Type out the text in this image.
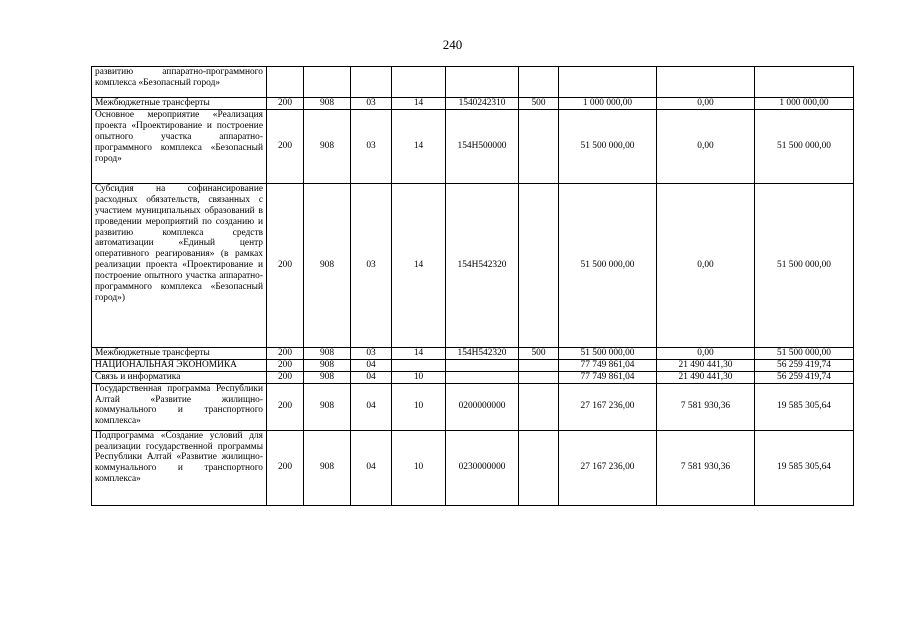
240
развитию аппаратно-программного комплекса «Безопасный город»									
Межбюджетные трансферты	200	908	03	14	1540242310	500	1 000 000,00	0,00	1 000 000,00
Основное мероприятие «Реализация проекта «Проектирование и построение опытного участка аппаратно-программного комплекса «Безопасный город»	200	908	03	14	154Н500000		51 500 000,00	0,00	51 500 000,00
Субсидия на софинансирование расходных обязательств, связанных с участием муниципальных образований в проведении мероприятий по созданию и развитию комплекса средств автоматизации «Единый центр оперативного реагирования» (в рамках реализации проекта «Проектирование и построение опытного участка аппаратно-программного комплекса «Безопасный город»)	200	908	03	14	154Н542320		51 500 000,00	0,00	51 500 000,00
Межбюджетные трансферты	200	908	03	14	154Н542320	500	51 500 000,00	0,00	51 500 000,00
НАЦИОНАЛЬНАЯ ЭКОНОМИКА	200	908	04				77 749 861,04	21 490 441,30	56 259 419,74
Связь и информатика	200	908	04	10			77 749 861,04	21 490 441,30	56 259 419,74
Государственная программа Республики Алтай «Развитие жилищно-коммунального и транспортного комплекса»	200	908	04	10	0200000000		27 167 236,00	7 581 930,36	19 585 305,64
Подпрограмма «Создание условий для реализации государственной программы Республики Алтай «Развитие жилищно-коммунального и транспортного комплекса»	200	908	04	10	0230000000		27 167 236,00	7 581 930,36	19 585 305,64
